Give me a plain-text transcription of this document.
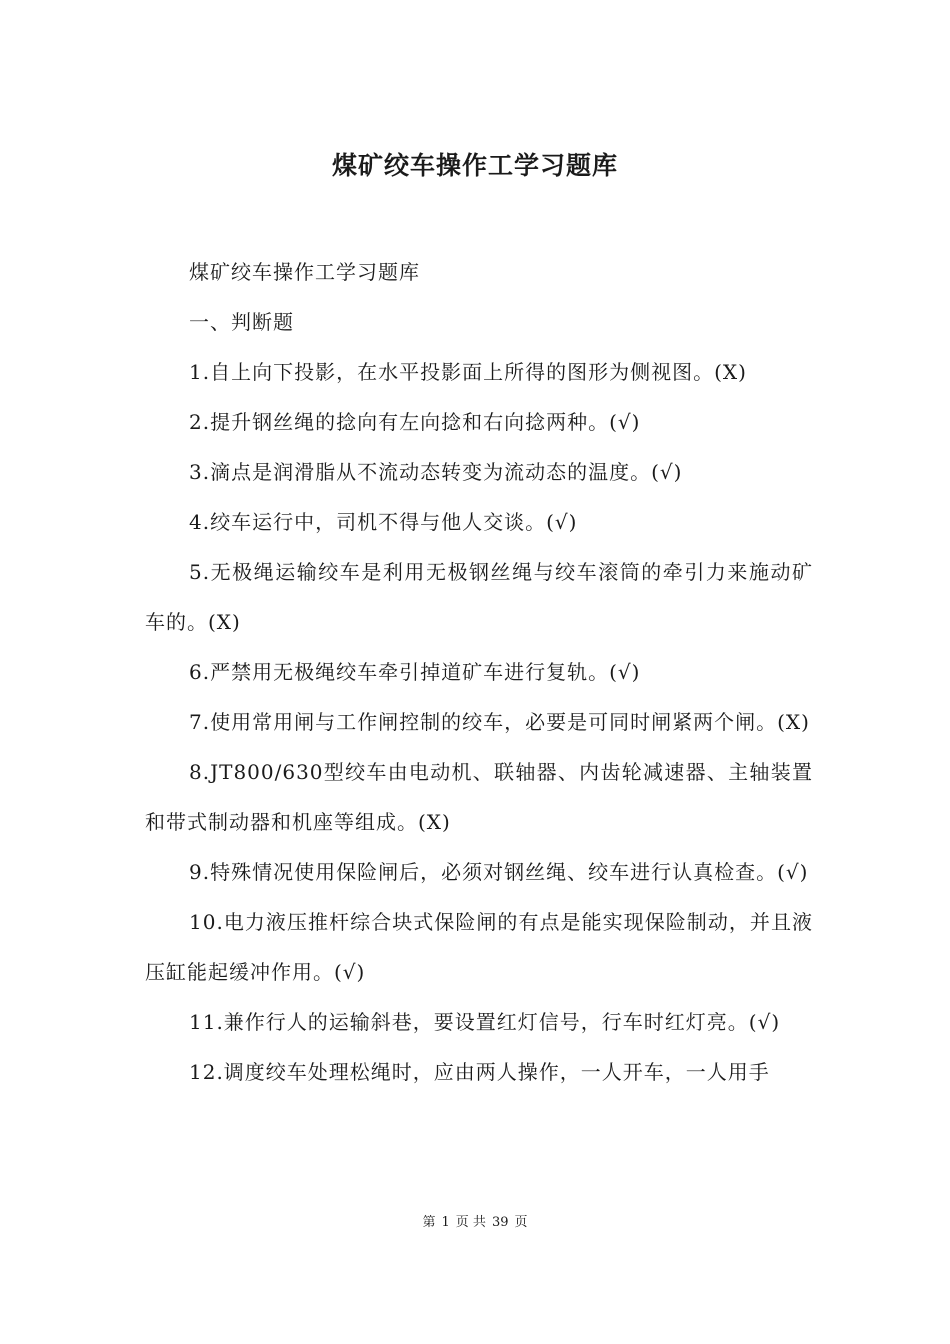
煤矿绞车操作工学习题库

煤矿绞车操作工学习题库

一、判断题

1.自上向下投影，在水平投影面上所得的图形为侧视图。(X)

2.提升钢丝绳的捻向有左向捻和右向捻两种。(√)

3.滴点是润滑脂从不流动态转变为流动态的温度。(√)

4.绞车运行中，司机不得与他人交谈。(√)

5.无极绳运输绞车是利用无极钢丝绳与绞车滚筒的牵引力来施动矿车的。(X)

6.严禁用无极绳绞车牵引掉道矿车进行复轨。(√)

7.使用常用闸与工作闸控制的绞车，必要是可同时闸紧两个闸。(X)

8.JT800/630型绞车由电动机、联轴器、内齿轮减速器、主轴装置和带式制动器和机座等组成。(X)

9.特殊情况使用保险闸后，必须对钢丝绳、绞车进行认真检查。(√)

10.电力液压推杆综合块式保险闸的有点是能实现保险制动，并且液压缸能起缓冲作用。(√)

11.兼作行人的运输斜巷，要设置红灯信号，行车时红灯亮。(√)

12.调度绞车处理松绳时，应由两人操作，一人开车，一人用手

第 1 页 共 39 页
